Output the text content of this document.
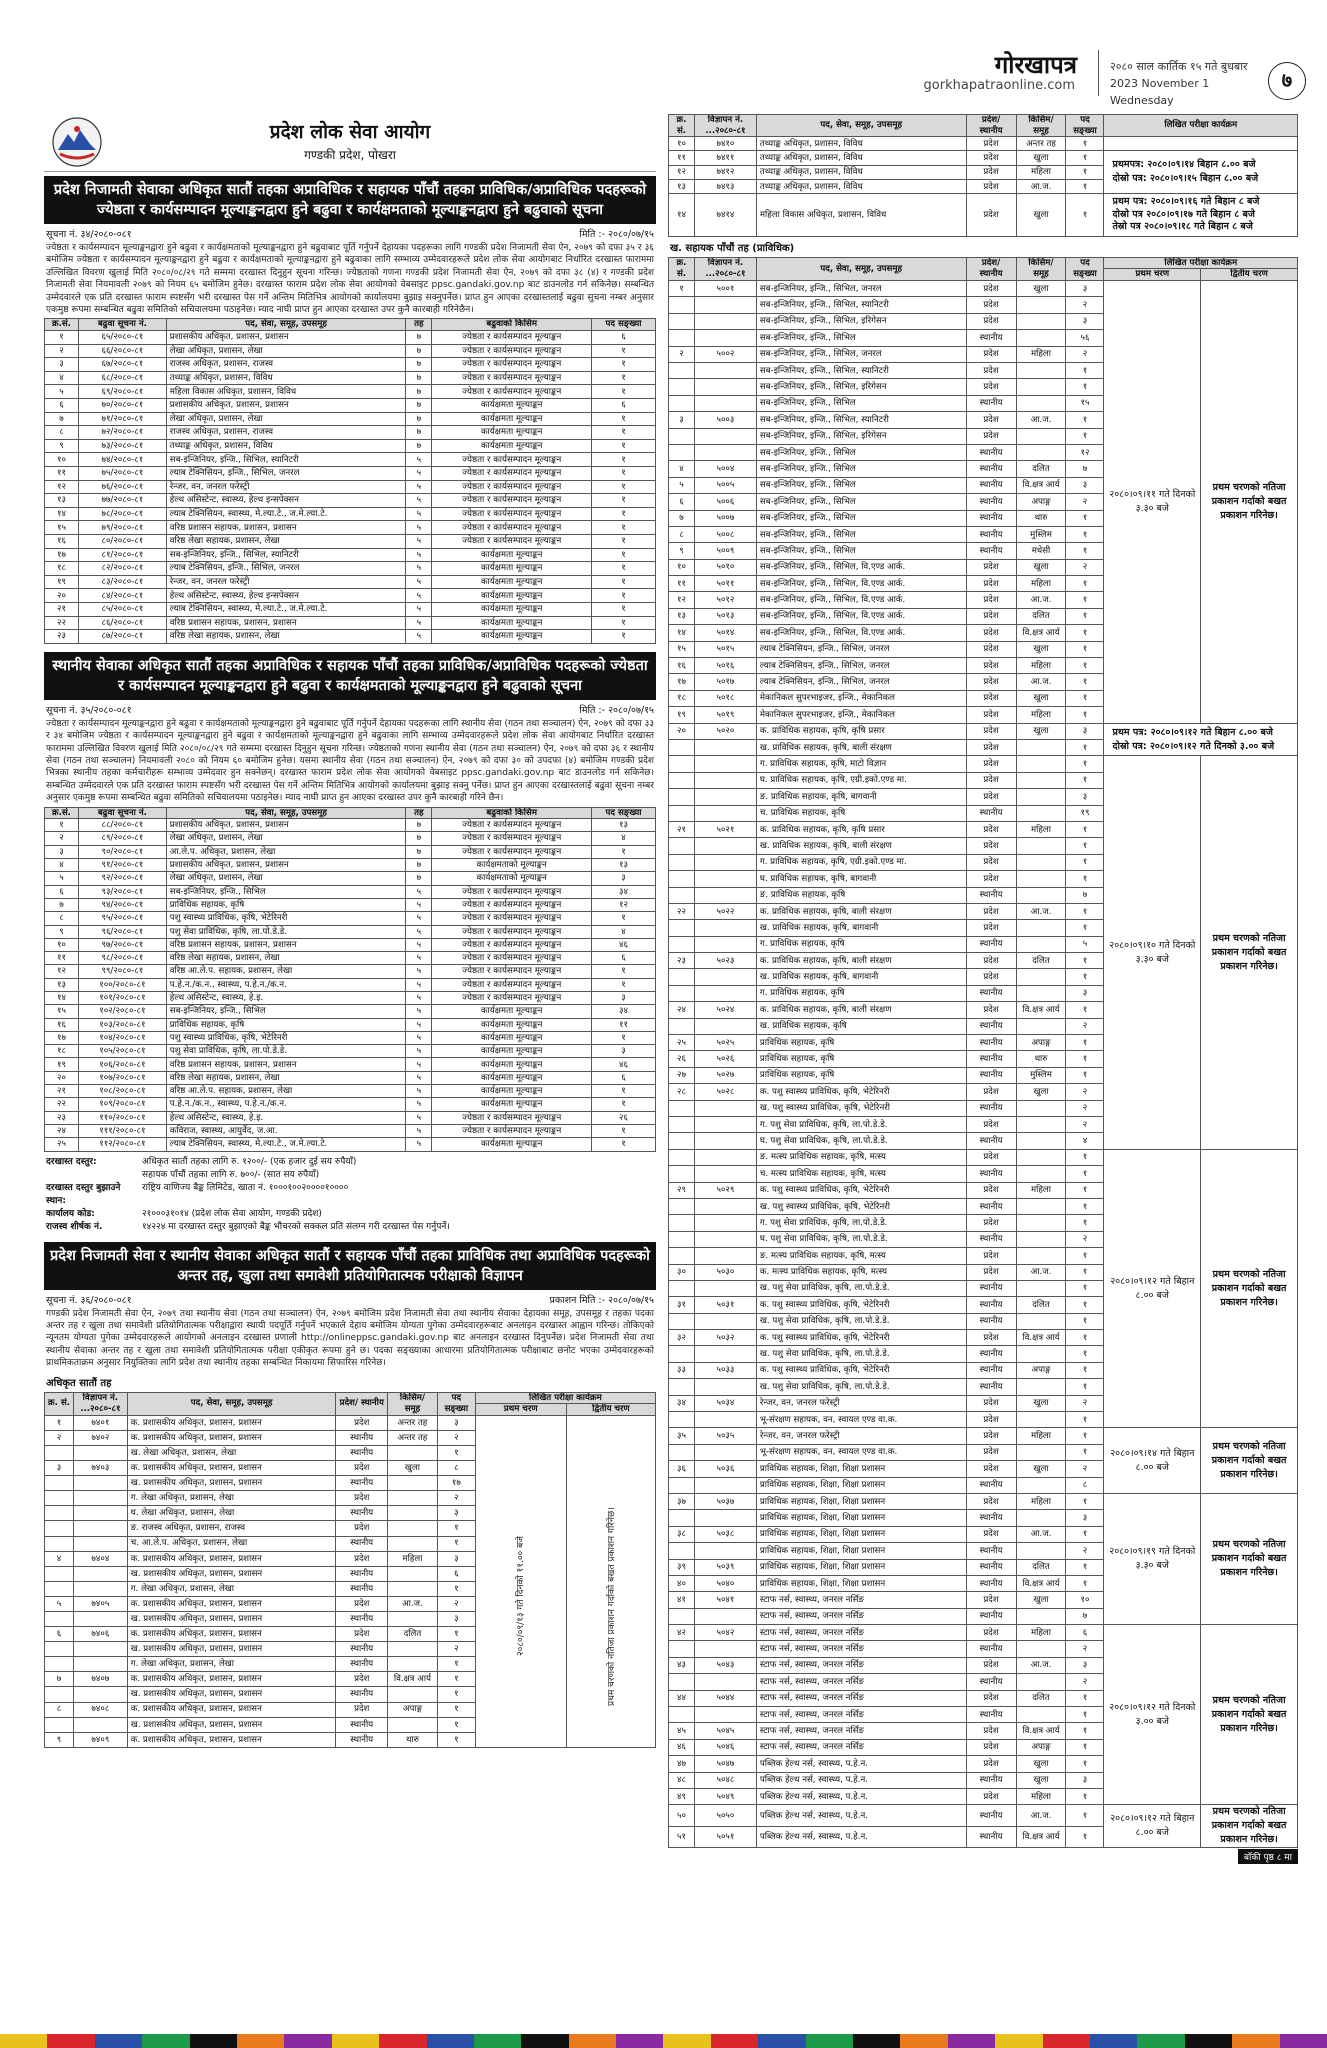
गोरखापत्र
gorkhapatraonline.com
२०८० साल कार्तिक १५ गते बुधबार
2023 November 1 Wednesday
७
प्रदेश लोक सेवा आयोग
गण्डकी प्रदेश, पोखरा
प्रदेश निजामती सेवाका अधिकृत सातौं तहका अप्राविधिक र सहायक पाँचौं तहका प्राविधिक/अप्राविधिक पदहरूको ज्येष्ठता र कार्यसम्पादन मूल्याङ्कनद्वारा हुने बढुवा र कार्यक्षमताको मूल्याङ्कनद्वारा हुने बढुवाको सूचना
सूचना नं. ३४/२०८०-०८१	मिति :- २०८०/०७/१५
ज्येष्ठता र कार्यसम्पादन मूल्याङ्कनद्वारा हुने बढुवा र कार्यक्षमताको मूल्याङ्कनद्वारा हुने बढुवाबाट पूर्ति गर्नुपर्ने देहायका पदहरूका लागि गण्डकी प्रदेश निजामती सेवा ऐन, २०७९ को दफा ३५ र ३६ बमोजिम ज्येष्ठता र कार्यसम्पादन मूल्याङ्कनद्वारा हुने बढुवा र कार्यक्षमताको मूल्याङ्कनद्वारा हुने बढुवाका लागि सम्भाव्य उम्मेदवारहरूले प्रदेश लोक सेवा आयोगबाट निर्धारित दरखास्त फाराममा उल्लिखित विवरण खुलाई मिति २०८०/०८/२९ गते सम्ममा दरखास्त दिनुहुन सूचना गरिन्छ। ज्येष्ठताको गणना गण्डकी प्रदेश निजामती सेवा ऐन, २०७९ को दफा ३८ (४) र गण्डकी प्रदेश निजामती सेवा नियमावली २०७९ को नियम ६५ बमोजिम हुनेछ। दरखास्त फाराम प्रदेश लोक सेवा आयोगको वेबसाइट ppsc.gandaki.gov.np बाट डाउनलोड गर्न सकिनेछ। सम्बन्धित उम्मेदवारले एक प्रति दरखास्त फाराम स्पष्टसँग भरी दरखास्त पेस गर्ने अन्तिम मितिभित्र आयोगको कार्यालयमा बुझाइ सक्नुपर्नेछ। प्राप्त हुन आएका दरखास्तलाई बढुवा सुचना नम्बर अनुसार एकमुष्ठ रूपमा सम्बन्धित बढुवा समितिको सचिवालयमा पठाइनेछ। म्याद नाघी प्राप्त हुन आएका दरखास्त उपर कुनै कारबाही गरिनेछैन।
क्र.सं.	बढुवा सूचना नं.	पद, सेवा, समूह, उपसमूह	तह	बढुवाको किसिम	पद सङ्ख्या
१	६५/२०८०-८१	प्रशासकीय अधिकृत, प्रशासन, प्रशासन	७	ज्येष्ठता र कार्यसम्पादन मूल्याङ्कन	६
२	६६/२०८०-८१	लेखा अधिकृत, प्रशासन, लेखा	७	ज्येष्ठता र कार्यसम्पादन मूल्याङ्कन	१
३	६७/२०८०-८१	राजस्व अधिकृत, प्रशासन, राजस्व	७	ज्येष्ठता र कार्यसम्पादन मूल्याङ्कन	१
४	६८/२०८०-८१	तथ्याङ्क अधिकृत, प्रशासन, विविध	७	ज्येष्ठता र कार्यसम्पादन मूल्याङ्कन	१
५	६९/२०८०-८१	महिला विकास अधिकृत, प्रशासन, विविध	७	ज्येष्ठता र कार्यसम्पादन मूल्याङ्कन	१
६	७०/२०८०-८१	प्रशासकीय अधिकृत, प्रशासन, प्रशासन	७	कार्यक्षमता मूल्याङ्कन	६
७	७१/२०८०-८१	लेखा अधिकृत, प्रशासन, लेखा	७	कार्यक्षमता मूल्याङ्कन	१
८	७२/२०८०-८१	राजस्व अधिकृत, प्रशासन, राजस्व	७	कार्यक्षमता मूल्याङ्कन	१
९	७३/२०८०-८१	तथ्याङ्क अधिकृत, प्रशासन, विविध	७	कार्यक्षमता मूल्याङ्कन	१
१०	७४/२०८०-८१	सब-इन्जिनियर, इन्जि., सिभिल, स्यानिटरी	५	ज्येष्ठता र कार्यसम्पादन मूल्याङ्कन	१
११	७५/२०८०-८१	ल्याब टेक्निसियन, इन्जि., सिभिल, जनरल	५	ज्येष्ठता र कार्यसम्पादन मूल्याङ्कन	१
१२	७६/२०८०-८१	रेन्जर, वन, जनरल फरेस्ट्री	५	ज्येष्ठता र कार्यसम्पादन मूल्याङ्कन	१
१३	७७/२०८०-८१	हेल्थ असिस्टेन्ट, स्वास्थ्य, हेल्थ इन्सपेक्सन	५	ज्येष्ठता र कार्यसम्पादन मूल्याङ्कन	१
१४	७८/२०८०-८१	ल्याब टेक्निसियन, स्वास्थ्य, मे.ल्या.टे., ज.मे.ल्या.टे.	५	ज्येष्ठता र कार्यसम्पादन मूल्याङ्कन	१
१५	७९/२०८०-८१	वरिष्ठ प्रशासन सहायक, प्रशासन, प्रशासन	५	ज्येष्ठता र कार्यसम्पादन मूल्याङ्कन	१
१६	८०/२०८०-८१	वरिष्ठ लेखा सहायक, प्रशासन, लेखा	५	ज्येष्ठता र कार्यसम्पादन मूल्याङ्कन	१
१७	८१/२०८०-८१	सब-इन्जिनियर, इन्जि., सिभिल, स्यानिटरी	५	कार्यक्षमता मूल्याङ्कन	१
१८	८२/२०८०-८१	ल्याब टेक्निसियन, इन्जि., सिभिल, जनरल	५	कार्यक्षमता मूल्याङ्कन	१
१९	८३/२०८०-८१	रेन्जर, वन, जनरल फरेस्ट्री	५	कार्यक्षमता मूल्याङ्कन	१
२०	८४/२०८०-८१	हेल्थ असिस्टेन्ट, स्वास्थ्य, हेल्थ इन्सपेक्सन	५	कार्यक्षमता मूल्याङ्कन	१
२१	८५/२०८०-८१	ल्याब टेक्निसियन, स्वास्थ्य, मे.ल्या.टे., ज.मे.ल्या.टे.	५	कार्यक्षमता मूल्याङ्कन	१
२२	८६/२०८०-८१	वरिष्ठ प्रशासन सहायक, प्रशासन, प्रशासन	५	कार्यक्षमता मूल्याङ्कन	१
२३	८७/२०८०-८१	वरिष्ठ लेखा सहायक, प्रशासन, लेखा	५	कार्यक्षमता मूल्याङ्कन	१
स्थानीय सेवाका अधिकृत सातौं तहका अप्राविधिक र सहायक पाँचौं तहका प्राविधिक/अप्राविधिक पदहरूको ज्येष्ठता र कार्यसम्पादन मूल्याङ्कनद्वारा हुने बढुवा र कार्यक्षमताको मूल्याङ्कनद्वारा हुने बढुवाको सूचना
सूचना नं. ३५/२०८०-०८१	मिति :- २०८०/०७/१५
ज्येष्ठता र कार्यसम्पादन मूल्याङ्कनद्वारा हुने बढुवा र कार्यक्षमताको मूल्याङ्कनद्वारा हुने बढुवाबाट पूर्ति गर्नुपर्ने देहायका पदहरूका लागि स्थानीय सेवा (गठन तथा सञ्चालन) ऐन, २०७९ को दफा ३३ र ३४ बमोजिम ज्येष्ठता र कार्यसम्पादन मूल्याङ्कनद्वारा हुने बढुवा र कार्यक्षमताको मूल्याङ्कनद्वारा हुने बढुवाका लागि सम्भाव्य उम्मेदवारहरूले प्रदेश लोक सेवा आयोगबाट निर्धारित दरखास्त फाराममा उल्लिखित विवरण खुलाई मिति २०८०/०८/२९ गते सम्ममा दरखास्त दिनुहुन सूचना गरिन्छ। ज्येष्ठताको गणना स्थानीय सेवा (गठन तथा सञ्चालन) ऐन, २०७९ को दफा ३६ र स्थानीय सेवा (गठन तथा सञ्चालन) नियमावली २०८० को नियम ६० बमोजिम हुनेछ। यसमा स्थानीय सेवा (गठन तथा सञ्चालन) ऐन, २०७९ को दफा ३० को उपदफा (४) बमोजिम गण्डकी प्रदेश भित्रका स्थानीय तहका कर्मचारीहरू सम्भाव्य उम्मेदवार हुन सक्नेछन्। दरखास्त फाराम प्रदेश लोक सेवा आयोगको वेबसाइट ppsc.gandaki.gov.np बाट डाउनलोड गर्न सकिनेछ। सम्बन्धित उम्मेदवारले एक प्रति दरखास्त फाराम स्पष्टसँग भरी दरखास्त पेस गर्ने अन्तिम मितिभित्र आयोगको कार्यालयमा बुझाइ सक्नु पर्नेछ। प्राप्त हुन आएका दरखास्तलाई बढुवा सूचना नम्बर अनुसार एकमुष्ठ रूपमा सम्बन्धित बढुवा समितिको सचिवालयमा पठाइनेछ। म्याद नाघी प्राप्त हुन आएका दरखास्त उपर कुनै कारबाही गरिने छैन।
क्र.सं.	बढुवा सूचना नं.	पद, सेवा, समूह, उपसमूह	तह	बढुवाको किसिम	पद सङ्ख्या
१	८८/२०८०-८१	प्रशासकीय अधिकृत, प्रशासन, प्रशासन	७	ज्येष्ठता र कार्यसम्पादन मूल्याङ्कन	१३
२	८९/२०८०-८१	लेखा अधिकृत, प्रशासन, लेखा	७	ज्येष्ठता र कार्यसम्पादन मूल्याङ्कन	४
३	९०/२०८०-८१	आ.ले.प. अधिकृत, प्रशासन, लेखा	७	ज्येष्ठता र कार्यसम्पादन मूल्याङ्कन	१
४	९१/२०८०-८१	प्रशासकीय अधिकृत, प्रशासन, प्रशासन	७	कार्यक्षमताको मूल्याङ्कन	१३
५	९२/२०८०-८१	लेखा अधिकृत, प्रशासन, लेखा	७	कार्यक्षमताको मूल्याङ्कन	३
६	९३/२०८०-८१	सब-इन्जिनियर, इन्जि., सिभिल	५	ज्येष्ठता र कार्यसम्पादन मूल्याङ्कन	३४
७	९४/२०८०-८१	प्राविधिक सहायक, कृषि	५	ज्येष्ठता र कार्यसम्पादन मूल्याङ्कन	१२
८	९५/२०८०-८१	पशु स्वास्थ्य प्राविधिक, कृषि, भेटेरिनरी	५	ज्येष्ठता र कार्यसम्पादन मूल्याङ्कन	१
९	९६/२०८०-८१	पशु सेवा प्राविधिक, कृषि, ला.पो.डे.डे.	५	ज्येष्ठता र कार्यसम्पादन मूल्याङ्कन	४
१०	९७/२०८०-८१	वरिष्ठ प्रशासन सहायक, प्रशासन, प्रशासन	५	ज्येष्ठता र कार्यसम्पादन मूल्याङ्कन	४६
११	९८/२०८०-८१	वरिष्ठ लेखा सहायक, प्रशासन, लेखा	५	ज्येष्ठता र कार्यसम्पादन मूल्याङ्कन	६
१२	९९/२०८०-८१	वरिष्ठ आ.ले.प. सहायक, प्रशासन, लेखा	५	ज्येष्ठता र कार्यसम्पादन मूल्याङ्कन	१
१३	१००/२०८०-८१	प.हे.न./क.न., स्वास्थ्य, प.हे.न./क.न.	५	ज्येष्ठता र कार्यसम्पादन मूल्याङ्कन	१
१४	१०१/२०८०-८१	हेल्थ असिस्टेन्ट, स्वास्थ्य, हे.इ.	५	ज्येष्ठता र कार्यसम्पादन मूल्याङ्कन	३
१५	१०२/२०८०-८१	सब-इन्जिनियर, इन्जि., सिभिल	५	कार्यक्षमता मूल्याङ्कन	३४
१६	१०३/२०८०-८१	प्राविधिक सहायक, कृषि	५	कार्यक्षमता मूल्याङ्कन	११
१७	१०४/२०८०-८१	पशु स्वास्थ्य प्राविधिक, कृषि, भेटेरिनरी	५	कार्यक्षमता मूल्याङ्कन	१
१८	१०५/२०८०-८१	पशु सेवा प्राविधिक, कृषि, ला.पो.डे.डे.	५	कार्यक्षमता मूल्याङ्कन	३
१९	१०६/२०८०-८१	वरिष्ठ प्रशासन सहायक, प्रशासन, प्रशासन	५	कार्यक्षमता मूल्याङ्कन	४६
२०	१०७/२०८०-८१	वरिष्ठ लेखा सहायक, प्रशासन, लेखा	५	कार्यक्षमता मूल्याङ्कन	६
२१	१०८/२०८०-८१	वरिष्ठ आ.ले.प. सहायक, प्रशासन, लेखा	५	कार्यक्षमता मूल्याङ्कन	१
२२	१०९/२०८०-८१	प.हे.न./क.न., स्वास्थ्य, प.हे.न./क.न.	५	कार्यक्षमता मूल्याङ्कन	१
२३	११०/२०८०-८१	हेल्थ असिस्टेन्ट, स्वास्थ्य, हे.इ.	५	ज्येष्ठता र कार्यसम्पादन मूल्याङ्कन	२६
२४	१११/२०८०-८१	कविराज, स्वास्थ्य, आयुर्वेद, ज.आ.	५	ज्येष्ठता र कार्यसम्पादन मूल्याङ्कन	१
२५	११२/२०८०-८१	ल्याब टेक्निसियन, स्वास्थ्य, मे.ल्या.टे., ज.मे.ल्या.टे.	५	कार्यक्षमता मूल्याङ्कन	१
दरखास्त दस्तुर:	अधिकृत सातौं तहका लागि रु. १२००/- (एक हजार दुई सय रुपैयाँ)
सहायक पाँचौं तहका लागि रु. ७००/- (सात सय रुपैयाँ)
दरखास्त दस्तुर बुझाउने स्थान:
राष्ट्रिय वाणिज्य बैङ्क लिमिटेड, खाता नं. १०००१००२००००१००००
कार्यालय कोड:	२१०००३१०१४ (प्रदेश लोक सेवा आयोग, गण्डकी प्रदेश)
राजस्व शीर्षक नं.	१४२२४ मा दरखास्त दस्तुर बुझाएको बैङ्क भौचरको सक्कल प्रति संलग्न गरी दरखास्त पेस गर्नुपर्ने।
प्रदेश निजामती सेवा र स्थानीय सेवाका अधिकृत सातौं र सहायक पाँचौं तहका प्राविधिक तथा अप्राविधिक पदहरूको अन्तर तह, खुला तथा समावेशी प्रतियोगितात्मक परीक्षाको विज्ञापन
सूचना नं. ३६/२०८०-०८१	प्रकाशन मिति :- २०८०/०७/१५
गण्डकी प्रदेश निजामती सेवा ऐन, २०७९ तथा स्थानीय सेवा (गठन तथा सञ्चालन) ऐन, २०७९ बमोजिम प्रदेश निजामती सेवा तथा स्थानीय सेवाका देहायका समूह, उपसमूह र तहका पदका अन्तर तह र खुला तथा समावेशी प्रतियोगितात्मक परीक्षाद्वारा स्थायी पदपूर्ति गर्नुपर्ने भएकाले देहाय बमोजिम योग्यता पुगेका उम्मेदवारहरूबाट अनलाइन दरखास्त आह्वान गरिन्छ। तोकिएको न्यूनतम योग्यता पुगेका उम्मेदवारहरूले आयोगको अनलाइन दरखास्त प्रणाली http://onlineppsc.gandaki.gov.np बाट अनलाइन दरखास्त दिनुपर्नेछ। प्रदेश निजामती सेवा तथा स्थानीय सेवाका अन्तर तह र खुला तथा समावेशी प्रतियोगितात्मक परीक्षा एकीकृत रूपमा हुने छ। पदका सङ्ख्याका आधारमा प्रतियोगितात्मक परीक्षाबाट छनोट भएका उम्मेदवारहरूको प्राथमिकताक्रम अनुसार नियुक्तिका लागि प्रदेश तथा स्थानीय तहका सम्बन्धित निकायमा सिफारिस गरिनेछ।
अधिकृत सातौं तह
क्र. सं.	विज्ञापन नं. ...२०८०-८१	पद, सेवा, समूह, उपसमूह	प्रदेश/ स्थानीय	किसिम/ समूह	पद सङ्ख्या	लिखित परीक्षा कार्यक्रम	
						प्रथम चरण	द्वितीय चरण
१	७४०१	क. प्रशासकीय अधिकृत, प्रशासन, प्रशासन	प्रदेश	अन्तर तह	३	२०८०/०९/१३ गते दिनको ११.०० बजे	प्रथम चरणको नतिजा प्रकाशन गर्दाको बखत प्रकाशन गरिनेछ।

२	७४०२	क. प्रशासकीय अधिकृत, प्रशासन, प्रशासन	स्थानीय	अन्तर तह	२		
		ख. लेखा अधिकृत, प्रशासन, लेखा	स्थानीय		१		
३	७४०३	क. प्रशासकीय अधिकृत, प्रशासन, प्रशासन	प्रदेश	खुला	८		
		ख. प्रशासकीय अधिकृत, प्रशासन, प्रशासन	स्थानीय		१७		
		ग. लेखा अधिकृत, प्रशासन, लेखा	प्रदेश		२		
		घ. लेखा अधिकृत, प्रशासन, लेखा	स्थानीय		३		
		ङ. राजस्व अधिकृत, प्रशासन, राजस्व	प्रदेश		१		
		च. आ.ले.प. अधिकृत, प्रशासन, लेखा	स्थानीय		१		
४	७४०४	क. प्रशासकीय अधिकृत, प्रशासन, प्रशासन	प्रदेश	महिला	३		
		ख. प्रशासकीय अधिकृत, प्रशासन, प्रशासन	स्थानीय		६		
		ग. लेखा अधिकृत, प्रशासन, लेखा	स्थानीय		१		
५	७४०५	क. प्रशासकीय अधिकृत, प्रशासन, प्रशासन	प्रदेश	आ.ज.	२		
		ख. प्रशासकीय अधिकृत, प्रशासन, प्रशासन	स्थानीय		३		
६	७४०६	क. प्रशासकीय अधिकृत, प्रशासन, प्रशासन	प्रदेश	दलित	१		
		ख. प्रशासकीय अधिकृत, प्रशासन, प्रशासन	स्थानीय		२		
		ग. लेखा अधिकृत, प्रशासन, लेखा	स्थानीय		१		
७	७४०७	क. प्रशासकीय अधिकृत, प्रशासन, प्रशासन	प्रदेश	वि.क्षत्र आर्य	१		
		ख. प्रशासकीय अधिकृत, प्रशासन, प्रशासन	स्थानीय		१		
८	७४०८	क. प्रशासकीय अधिकृत, प्रशासन, प्रशासन	प्रदेश	अपाङ्ग	१		
		ख. प्रशासकीय अधिकृत, प्रशासन, प्रशासन	स्थानीय		१		
९	७४०९	क. प्रशासकीय अधिकृत, प्रशासन, प्रशासन	स्थानीय	थारु	१		
क्र. सं.	विज्ञापन नं. ...२०८०-८१	पद, सेवा, समूह, उपसमूह	प्रदेश/ स्थानीय	किसिम/ समूह	पद सङ्ख्या	लिखित परीक्षा कार्यक्रम
१०	७४१०	तथ्याङ्क अधिकृत, प्रशासन, विविध	प्रदेश	अन्तर तह	१	
११	७४११	तथ्याङ्क अधिकृत, प्रशासन, विविध	प्रदेश	खुला	१	प्रथमपत्र: २०८०।०९।१४ बिहान ८.०० बजे
दोस्रो पत्र: २०८०।०९।१५ बिहान ८.०० बजे

१२	७४१२	तथ्याङ्क अधिकृत, प्रशासन, विविध	प्रदेश	महिला	१	
१३	७४१३	तथ्याङ्क अधिकृत, प्रशासन, विविध	प्रदेश	आ.ज.	१	
१४	७४१४	महिला विकास अधिकृत, प्रशासन, विविध	प्रदेश	खुला	१	प्रथम पत्र: २०८०।०९।१६ गते बिहान ८ बजे
दोस्रो पत्र २०८०।०९।१७ गते बिहान ८ बजे
तेस्रो पत्र २०८०।०९।१८ गते बिहान ८ बजे
ख. सहायक पाँचौं तह (प्राविधिक)
क्र. सं.	विज्ञापन नं. ...२०८०-८१	पद, सेवा, समूह, उपसमूह	प्रदेश/ स्थानीय	किसिम/ समूह	पद सङ्ख्या	लिखित परीक्षा कार्यक्रम	
						प्रथम चरण	द्वितीय चरण
१	५००१	सब-इन्जिनियर, इन्जि., सिभिल, जनरल	प्रदेश	खुला	३	२०८०।०९।११ गते दिनको ३.३० बजे	प्रथम चरणको नतिजा प्रकाशन गर्दाको बखत प्रकाशन गरिनेछ।
		सब-इन्जिनियर, इन्जि., सिभिल, स्यानिटरी	प्रदेश		२		
		सब-इन्जिनियर, इन्जि., सिभिल, इरिगेसन	प्रदेश		३		
		सब-इन्जिनियर, इन्जि., सिभिल	स्थानीय		५६		
२	५००२	सब-इन्जिनियर, इन्जि., सिभिल, जनरल	प्रदेश	महिला	२		
		सब-इन्जिनियर, इन्जि., सिभिल, स्यानिटरी	प्रदेश		१		
		सब-इन्जिनियर, इन्जि., सिभिल, इरिगेसन	प्रदेश		१		
		सब-इन्जिनियर, इन्जि., सिभिल	स्थानीय		१५		
३	५००३	सब-इन्जिनियर, इन्जि., सिभिल, स्यानिटरी	प्रदेश	आ.ज.	१		
		सब-इन्जिनियर, इन्जि., सिभिल, इरिगेसन	प्रदेश		१		
		सब-इन्जिनियर, इन्जि., सिभिल	स्थानीय		१२		
४	५००४	सब-इन्जिनियर, इन्जि., सिभिल	स्थानीय	दलित	७		
५	५००५	सब-इन्जिनियर, इन्जि., सिभिल	स्थानीय	वि.क्षत्र आर्य	३		
६	५००६	सब-इन्जिनियर, इन्जि., सिभिल	स्थानीय	अपाङ्ग	२		
७	५००७	सब-इन्जिनियर, इन्जि., सिभिल	स्थानीय	थारु	१		
८	५००८	सब-इन्जिनियर, इन्जि., सिभिल	स्थानीय	मुस्लिम	१		
९	५००९	सब-इन्जिनियर, इन्जि., सिभिल	स्थानीय	मधेसी	१		
१०	५०१०	सब-इन्जिनियर, इन्जि., सिभिल, वि.एण्ड आर्क.	प्रदेश	खुला	२		
११	५०११	सब-इन्जिनियर, इन्जि., सिभिल, वि.एण्ड आर्क.	प्रदेश	महिला	१		
१२	५०१२	सब-इन्जिनियर, इन्जि., सिभिल, वि.एण्ड आर्क.	प्रदेश	आ.ज.	१		
१३	५०१३	सब-इन्जिनियर, इन्जि., सिभिल, वि.एण्ड आर्क.	प्रदेश	दलित	१		
१४	५०१४	सब-इन्जिनियर, इन्जि., सिभिल, वि.एण्ड आर्क.	प्रदेश	वि.क्षत्र आर्य	१		
१५	५०१५	ल्याब टेक्निसियन, इन्जि., सिभिल, जनरल	प्रदेश	खुला	१		
१६	५०१६	ल्याब टेक्निसियन, इन्जि., सिभिल, जनरल	प्रदेश	महिला	१		
१७	५०१७	ल्याब टेक्निसियन, इन्जि., सिभिल, जनरल	प्रदेश	आ.ज.	१		
१८	५०१८	मेकानिकल सुपरभाइजर, इन्जि., मेकानिकल	प्रदेश	खुला	१		
१९	५०१९	मेकानिकल सुपरभाइजर, इन्जि., मेकानिकल	प्रदेश	महिला	१		
२०	५०२०	क. प्राविधिक सहायक, कृषि, कृषि प्रसार	प्रदेश	खुला	३	प्रथम पत्र: २०८०।०९।१२ गते बिहान ८.०० बजे
दोस्रो पत्र: २०८०।०९।१२ गते दिनको ३.०० बजे	

		ख. प्राविधिक सहायक, कृषि, बाली संरक्षण	प्रदेश		१		
		ग. प्राविधिक सहायक, कृषि, माटो विज्ञान	प्रदेश		१	२०८०।०९।१० गते दिनको ३.३० बजे	प्रथम चरणको नतिजा प्रकाशन गर्दाको बखत प्रकाशन गरिनेछ।
		घ. प्राविधिक सहायक, कृषि, एग्री.इको.एण्ड मा.	प्रदेश		१		
		ङ. प्राविधिक सहायक, कृषि, बागवानी	प्रदेश		३		
		च. प्राविधिक सहायक, कृषि	स्थानीय		१९		
२१	५०२१	क. प्राविधिक सहायक, कृषि, कृषि प्रसार	प्रदेश	महिला	१		
		ख. प्राविधिक सहायक, कृषि, बाली संरक्षण	प्रदेश		१		
		ग. प्राविधिक सहायक, कृषि, एग्री.इको.एण्ड मा.	प्रदेश		१		
		घ. प्राविधिक सहायक, कृषि, बागवानी	प्रदेश		१		
		ङ. प्राविधिक सहायक, कृषि	स्थानीय		७		
२२	५०२२	क. प्राविधिक सहायक, कृषि, बाली संरक्षण	प्रदेश	आ.ज.	१		
		ख. प्राविधिक सहायक, कृषि, बागवानी	प्रदेश		१		
		ग. प्राविधिक सहायक, कृषि	स्थानीय		५		
२३	५०२३	क. प्राविधिक सहायक, कृषि, बाली संरक्षण	प्रदेश	दलित	१		
		ख. प्राविधिक सहायक, कृषि, बागवानी	प्रदेश		१		
		ग. प्राविधिक सहायक, कृषि	स्थानीय		३		
२४	५०२४	क. प्राविधिक सहायक, कृषि, बाली संरक्षण	प्रदेश	वि.क्षत्र आर्य	१		
		ख. प्राविधिक सहायक, कृषि	स्थानीय		२		
२५	५०२५	प्राविधिक सहायक, कृषि	स्थानीय	अपाङ्ग	१		
२६	५०२६	प्राविधिक सहायक, कृषि	स्थानीय	थारु	१		
२७	५०२७	प्राविधिक सहायक, कृषि	स्थानीय	मुस्लिम	१		
२८	५०२८	क. पशु स्वास्थ्य प्राविधिक, कृषि, भेटेरिनरी	प्रदेश	खुला	२		
		ख. पशु स्वास्थ्य प्राविधिक, कृषि, भेटेरिनरी	स्थानीय		२		
		ग. पशु सेवा प्राविधिक, कृषि, ला.पो.डे.डे.	प्रदेश		२		
		घ. पशु सेवा प्राविधिक, कृषि, ला.पो.डे.डे.	स्थानीय		४		
		ङ. मत्स्य प्राविधिक सहायक, कृषि, मत्स्य	प्रदेश		१	२०८०।०९।१२ गते बिहान ८.०० बजे	प्रथम चरणको नतिजा प्रकाशन गर्दाको बखत प्रकाशन गरिनेछ।
		च. मत्स्य प्राविधिक सहायक, कृषि, मत्स्य	स्थानीय		१		
२९	५०२९	क. पशु स्वास्थ्य प्राविधिक, कृषि, भेटेरिनरी	प्रदेश	महिला	१		
		ख. पशु स्वास्थ्य प्राविधिक, कृषि, भेटेरिनरी	स्थानीय		१		
		ग. पशु सेवा प्राविधिक, कृषि, ला.पो.डे.डे.	प्रदेश		१		
		घ. पशु सेवा प्राविधिक, कृषि, ला.पो.डे.डे.	स्थानीय		२		
		ङ. मत्स्य प्राविधिक सहायक, कृषि, मत्स्य	प्रदेश		१		
३०	५०३०	क. मत्स्य प्राविधिक सहायक, कृषि, मत्स्य	प्रदेश	आ.ज.	१		
		ख. पशु सेवा प्राविधिक, कृषि, ला.पो.डे.डे.	स्थानीय		१		
३१	५०३१	क. पशु स्वास्थ्य प्राविधिक, कृषि, भेटेरिनरी	स्थानीय	दलित	१		
		ख. पशु सेवा प्राविधिक, कृषि, ला.पो.डे.डे.	स्थानीय		१		
३२	५०३२	क. पशु स्वास्थ्य प्राविधिक, कृषि, भेटेरिनरी	प्रदेश	वि.क्षत्र आर्य	१		
		ख. पशु सेवा प्राविधिक, कृषि, ला.पो.डे.डे.	स्थानीय		१		
३३	५०३३	क. पशु स्वास्थ्य प्राविधिक, कृषि, भेटेरिनरी	स्थानीय	अपाङ्ग	१		
		ख. पशु सेवा प्राविधिक, कृषि, ला.पो.डे.डे.	स्थानीय		१		
३४	५०३४	रेन्जर, वन, जनरल फरेस्ट्री	प्रदेश	खुला	२		
		भू-संरक्षण सहायक, वन, स्वायल एण्ड वा.क.	प्रदेश		१		
३५	५०३५	रेन्जर, वन, जनरल फरेस्ट्री	प्रदेश	महिला	१	२०८०।०९।१४ गते बिहान ८.०० बजे	प्रथम चरणको नतिजा प्रकाशन गर्दाको बखत प्रकाशन गरिनेछ।
		भू-संरक्षण सहायक, वन, स्वायल एण्ड वा.क.	प्रदेश		१		
३६	५०३६	प्राविधिक सहायक, शिक्षा, शिक्षा प्रशासन	प्रदेश	खुला	२		
		प्राविधिक सहायक, शिक्षा, शिक्षा प्रशासन	स्थानीय		८		
३७	५०३७	प्राविधिक सहायक, शिक्षा, शिक्षा प्रशासन	प्रदेश	महिला	१	२०८०।०९।१९ गते दिनको ३.३० बजे	प्रथम चरणको नतिजा प्रकाशन गर्दाको बखत प्रकाशन गरिनेछ।
		प्राविधिक सहायक, शिक्षा, शिक्षा प्रशासन	स्थानीय		३		
३८	५०३८	प्राविधिक सहायक, शिक्षा, शिक्षा प्रशासन	प्रदेश	आ.ज.	१		
		प्राविधिक सहायक, शिक्षा, शिक्षा प्रशासन	स्थानीय		२		
३९	५०३९	प्राविधिक सहायक, शिक्षा, शिक्षा प्रशासन	स्थानीय	दलित	१		
४०	५०४०	प्राविधिक सहायक, शिक्षा, शिक्षा प्रशासन	स्थानीय	वि.क्षत्र आर्य	१		
४१	५०४१	स्टाफ नर्स, स्वास्थ्य, जनरल नर्सिङ	प्रदेश	खुला	१०		
		स्टाफ नर्स, स्वास्थ्य, जनरल नर्सिङ	स्थानीय		७		
४२	५०४२	स्टाफ नर्स, स्वास्थ्य, जनरल नर्सिङ	प्रदेश	महिला	६	२०८०।०९।१२ गते दिनको ३.०० बजे	प्रथम चरणको नतिजा प्रकाशन गर्दाको बखत प्रकाशन गरिनेछ।
		स्टाफ नर्स, स्वास्थ्य, जनरल नर्सिङ	स्थानीय		२		
४३	५०४३	स्टाफ नर्स, स्वास्थ्य, जनरल नर्सिङ	प्रदेश	आ.ज.	३		
		स्टाफ नर्स, स्वास्थ्य, जनरल नर्सिङ	स्थानीय		२		
४४	५०४४	स्टाफ नर्स, स्वास्थ्य, जनरल नर्सिङ	प्रदेश	दलित	१		
		स्टाफ नर्स, स्वास्थ्य, जनरल नर्सिङ	स्थानीय		१		
४५	५०४५	स्टाफ नर्स, स्वास्थ्य, जनरल नर्सिङ	प्रदेश	वि.क्षत्र आर्य	१		
४६	५०४६	स्टाफ नर्स, स्वास्थ्य, जनरल नर्सिङ	प्रदेश	अपाङ्ग	१		
४७	५०४७	पब्लिक हेल्थ नर्स, स्वास्थ्य, प.हे.न.	प्रदेश	खुला	१		
४८	५०४८	पब्लिक हेल्थ नर्स, स्वास्थ्य, प.हे.न.	स्थानीय	खुला	३		
४९	५०४९	पब्लिक हेल्थ नर्स, स्वास्थ्य, प.हे.न.	प्रदेश	महिला	१		
५०	५०५०	पब्लिक हेल्थ नर्स, स्वास्थ्य, प.हे.न.	स्थानीय	आ.ज.	१	२०८०।०९।१२ गते बिहान ८.०० बजे	प्रथम चरणको नतिजा प्रकाशन गर्दाको बखत प्रकाशन गरिनेछ।
५१	५०५१	पब्लिक हेल्थ नर्स, स्वास्थ्य, प.हे.न.	स्थानीय	वि.क्षत्र आर्य	१		
बाँकी पृष्ठ ८ मा
